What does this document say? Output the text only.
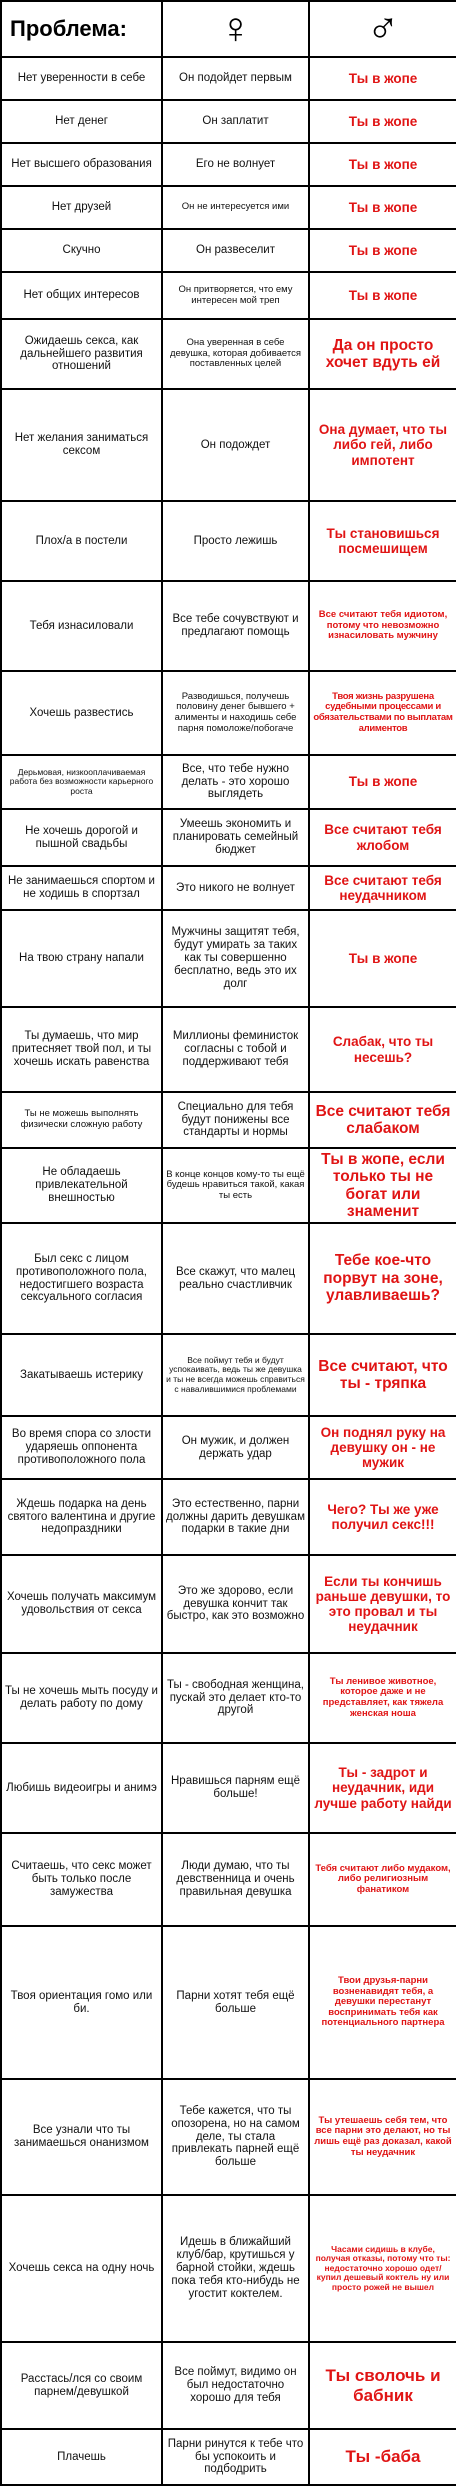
Проблема:	♀	♂
Нет уверенности в себе	Он подойдет первым	Ты в жопе
Нет денег	Он заплатит	Ты в жопе
Нет высшего образования	Его не волнует	Ты в жопе
Нет друзей	Он не интересуется ими	Ты в жопе
Скучно	Он развеселит	Ты в жопе
Нет общих интересов	Он притворяется, что ему интересен мой треп	Ты в жопе
Ожидаешь секса, как дальнейшего развития отношений	Она уверенная в себе девушка, которая добивается поставленных целей	Да он просто хочет вдуть ей
Нет желания заниматься сексом	Он подождет	Она думает, что ты либо гей, либо импотент
Плох/а в постели	Просто лежишь	Ты становишься посмешищем
Тебя изнасиловали	Все тебе сочувствуют и предлагают помощь	Все считают тебя идиотом, потому что невозможно изнасиловать мужчину
Хочешь развестись	Разводишься, получешь половину денег бывшего + алименты и находишь себе парня помоложе/побогаче	Твоя жизнь разрушена судебными процессами и обязательствами по выплатам алиментов
Дерьмовая, низкооплачиваемая работа без возможности карьерного роста	Все, что тебе нужно делать - это хорошо выглядеть	Ты в жопе
Не хочешь дорогой и пышной свадьбы	Умеешь экономить и планировать семейный бюджет	Все считают тебя жлобом
Не занимаешься спортом и не ходишь в спортзал	Это никого не волнует	Все считают тебя неудачником
На твою страну напали	Мужчины защитят тебя, будут умирать за таких как ты совершенно бесплатно, ведь это их долг	Ты в жопе
Ты думаешь, что мир притесняет твой пол, и ты хочешь искать равенства	Миллионы феминисток согласны с тобой и поддерживают тебя	Слабак, что ты несешь?
Ты не можешь выполнять физически сложную работу	Специально для тебя будут понижены все стандарты и нормы	Все считают тебя слабаком
Не обладаешь привлекательной внешностью	В конце концов кому-то ты ещё будешь нравиться такой, какая ты есть	Ты в жопе, если только ты не богат или знаменит
Был секс с лицом противоположного пола, недостигшего возраста сексуального согласия	Все скажут, что малец реально счастливчик	Тебе кое-что порвут на зоне, улавливаешь?
Закатываешь истерику	Все поймут тебя и будут успокаивать, ведь ты же девушка и ты не всегда можешь справиться с навалившимися проблемами	Все считают, что ты - тряпка
Во время спора со злости ударяешь оппонента противоположного пола	Он мужик, и должен держать удар	Он поднял руку на девушку он - не мужик
Ждешь подарка на день святого валентина и другие недопраздники	Это естественно, парни должны дарить девушкам подарки в такие дни	Чего? Ты же уже получил секс!!!
Хочешь получать максимум удовольствия от секса	Это же здорово, если девушка кончит так быстро, как это возможно	Если ты кончишь раньше девушки, то это провал и ты неудачник
Ты не хочешь мыть посуду и делать работу по дому	Ты - свободная женщина, пускай это делает кто-то другой	Ты ленивое животное, которое даже и не представляет, как тяжела женская ноша
Любишь видеоигры и анимэ	Нравишься парням ещё больше!	Ты - задрот и неудачник, иди лучше работу найди
Считаешь, что секс может быть только после замужества	Люди думаю, что ты девственница и очень правильная девушка	Тебя считают либо мудаком, либо религиозным фанатиком
Твоя ориентация гомо или би.	Парни хотят тебя ещё больше	Твои друзья-парни возненавидят тебя, а девушки перестанут воспринимать тебя как потенциального партнера
Все узнали что ты занимаешься онанизмом	Тебе кажется, что ты опозорена, но на самом деле, ты стала привлекать парней ещё больше	Ты утешаешь себя тем, что все парни это делают, но ты лишь ещё раз доказал, какой ты неудачник
Хочешь секса на одну ночь	Идешь в ближайший клуб/бар, крутишься у барной стойки, ждешь пока тебя кто-нибудь не угостит коктелем.	Часами сидишь в клубе, получая отказы, потому что ты: недостаточно хорошо одет/купил дешевый коктель ну или просто рожей не вышел
Расстась/лся со своим парнем/девушкой	Все поймут, видимо он был недостаточно хорошо для тебя	Ты сволочь и бабник
Плачешь	Парни ринутся к тебе что бы успокоить и подбодрить	Ты -баба
